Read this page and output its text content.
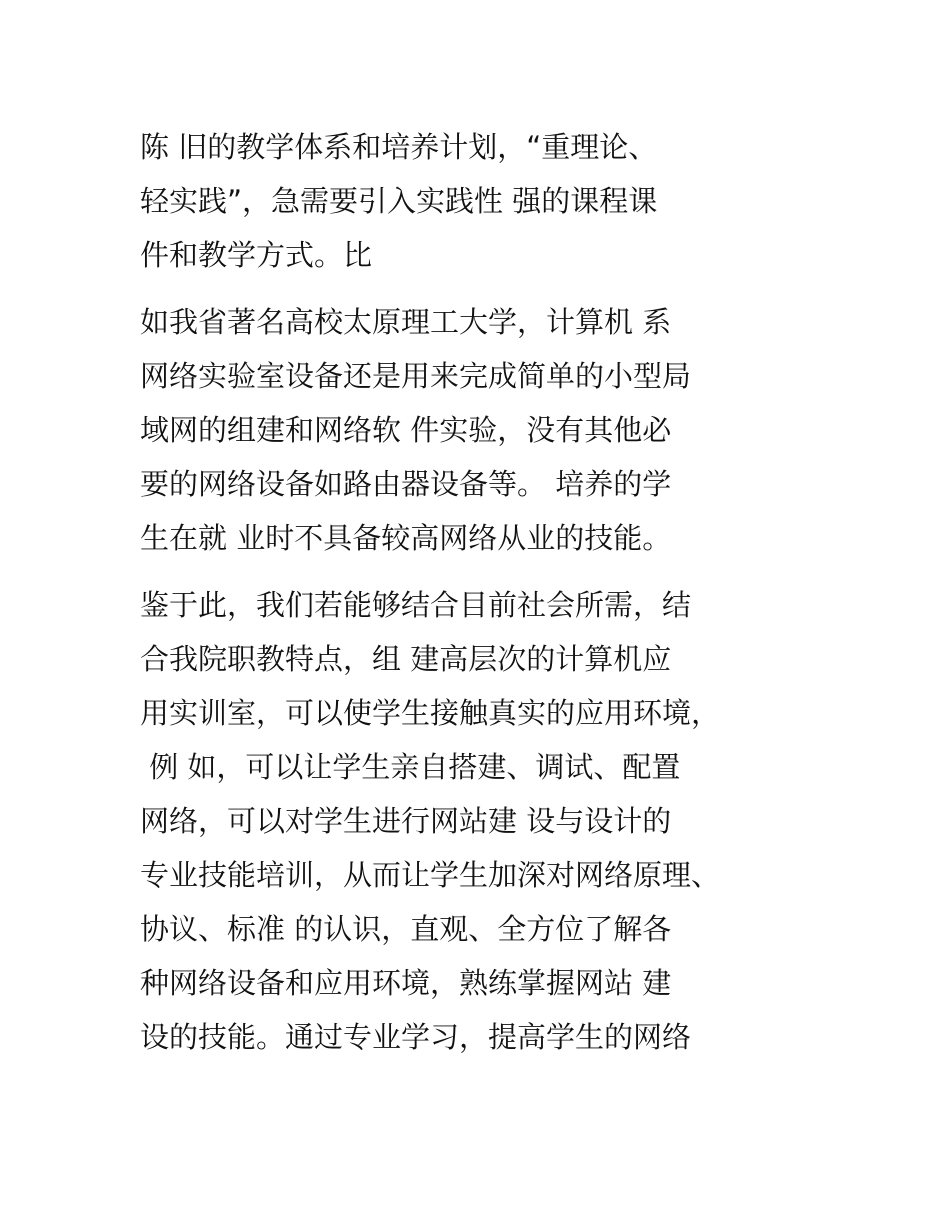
陈 旧的教学体系和培养计划，“重理论、
轻实践”，急需要引入实践性 强的课程课
件和教学方式。比
如我省著名高校太原理工大学，计算机 系
网络实验室设备还是用来完成简单的小型局
域网的组建和网络软 件实验，没有其他必
要的网络设备如路由器设备等。 培养的学
生在就 业时不具备较高网络从业的技能。
鉴于此，我们若能够结合目前社会所需，结
合我院职教特点，组 建高层次的计算机应
用实训室，可以使学生接触真实的应用环境，
例 如，可以让学生亲自搭建、调试、配置
网络，可以对学生进行网站建 设与设计的
专业技能培训，从而让学生加深对网络原理、
协议、标准 的认识，直观、全方位了解各
种网络设备和应用环境，熟练掌握网站 建
设的技能。通过专业学习，提高学生的网络
